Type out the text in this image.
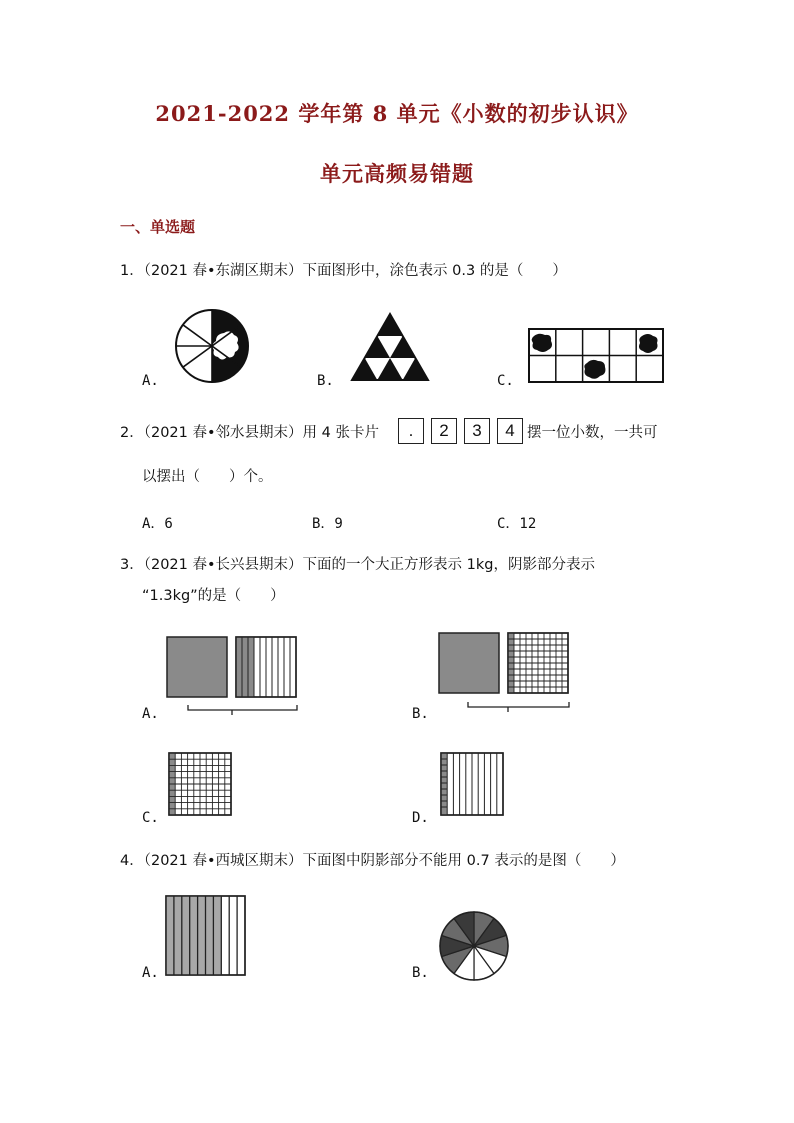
2021-2022 学年第 8 单元《小数的初步认识》
单元高频易错题
一、单选题
1．（2021 春•东湖区期末）下面图形中，涂色表示 0.3 的是（　　）
A.	B.	C.
2．（2021 春•邻水县期末）用 4 张卡片	.	2	3	4 摆一位小数，一共可
以摆出（　　）个。
A．6	B．9	C．12
3．（2021 春•长兴县期末）下面的一个大正方形表示 1kg，阴影部分表示
“1.3kg”的是（　　）
A.	B.
C.	D.
4．（2021 春•西城区期末）下面图中阴影部分不能用 0.7 表示的是图（　　）
A.	B.
